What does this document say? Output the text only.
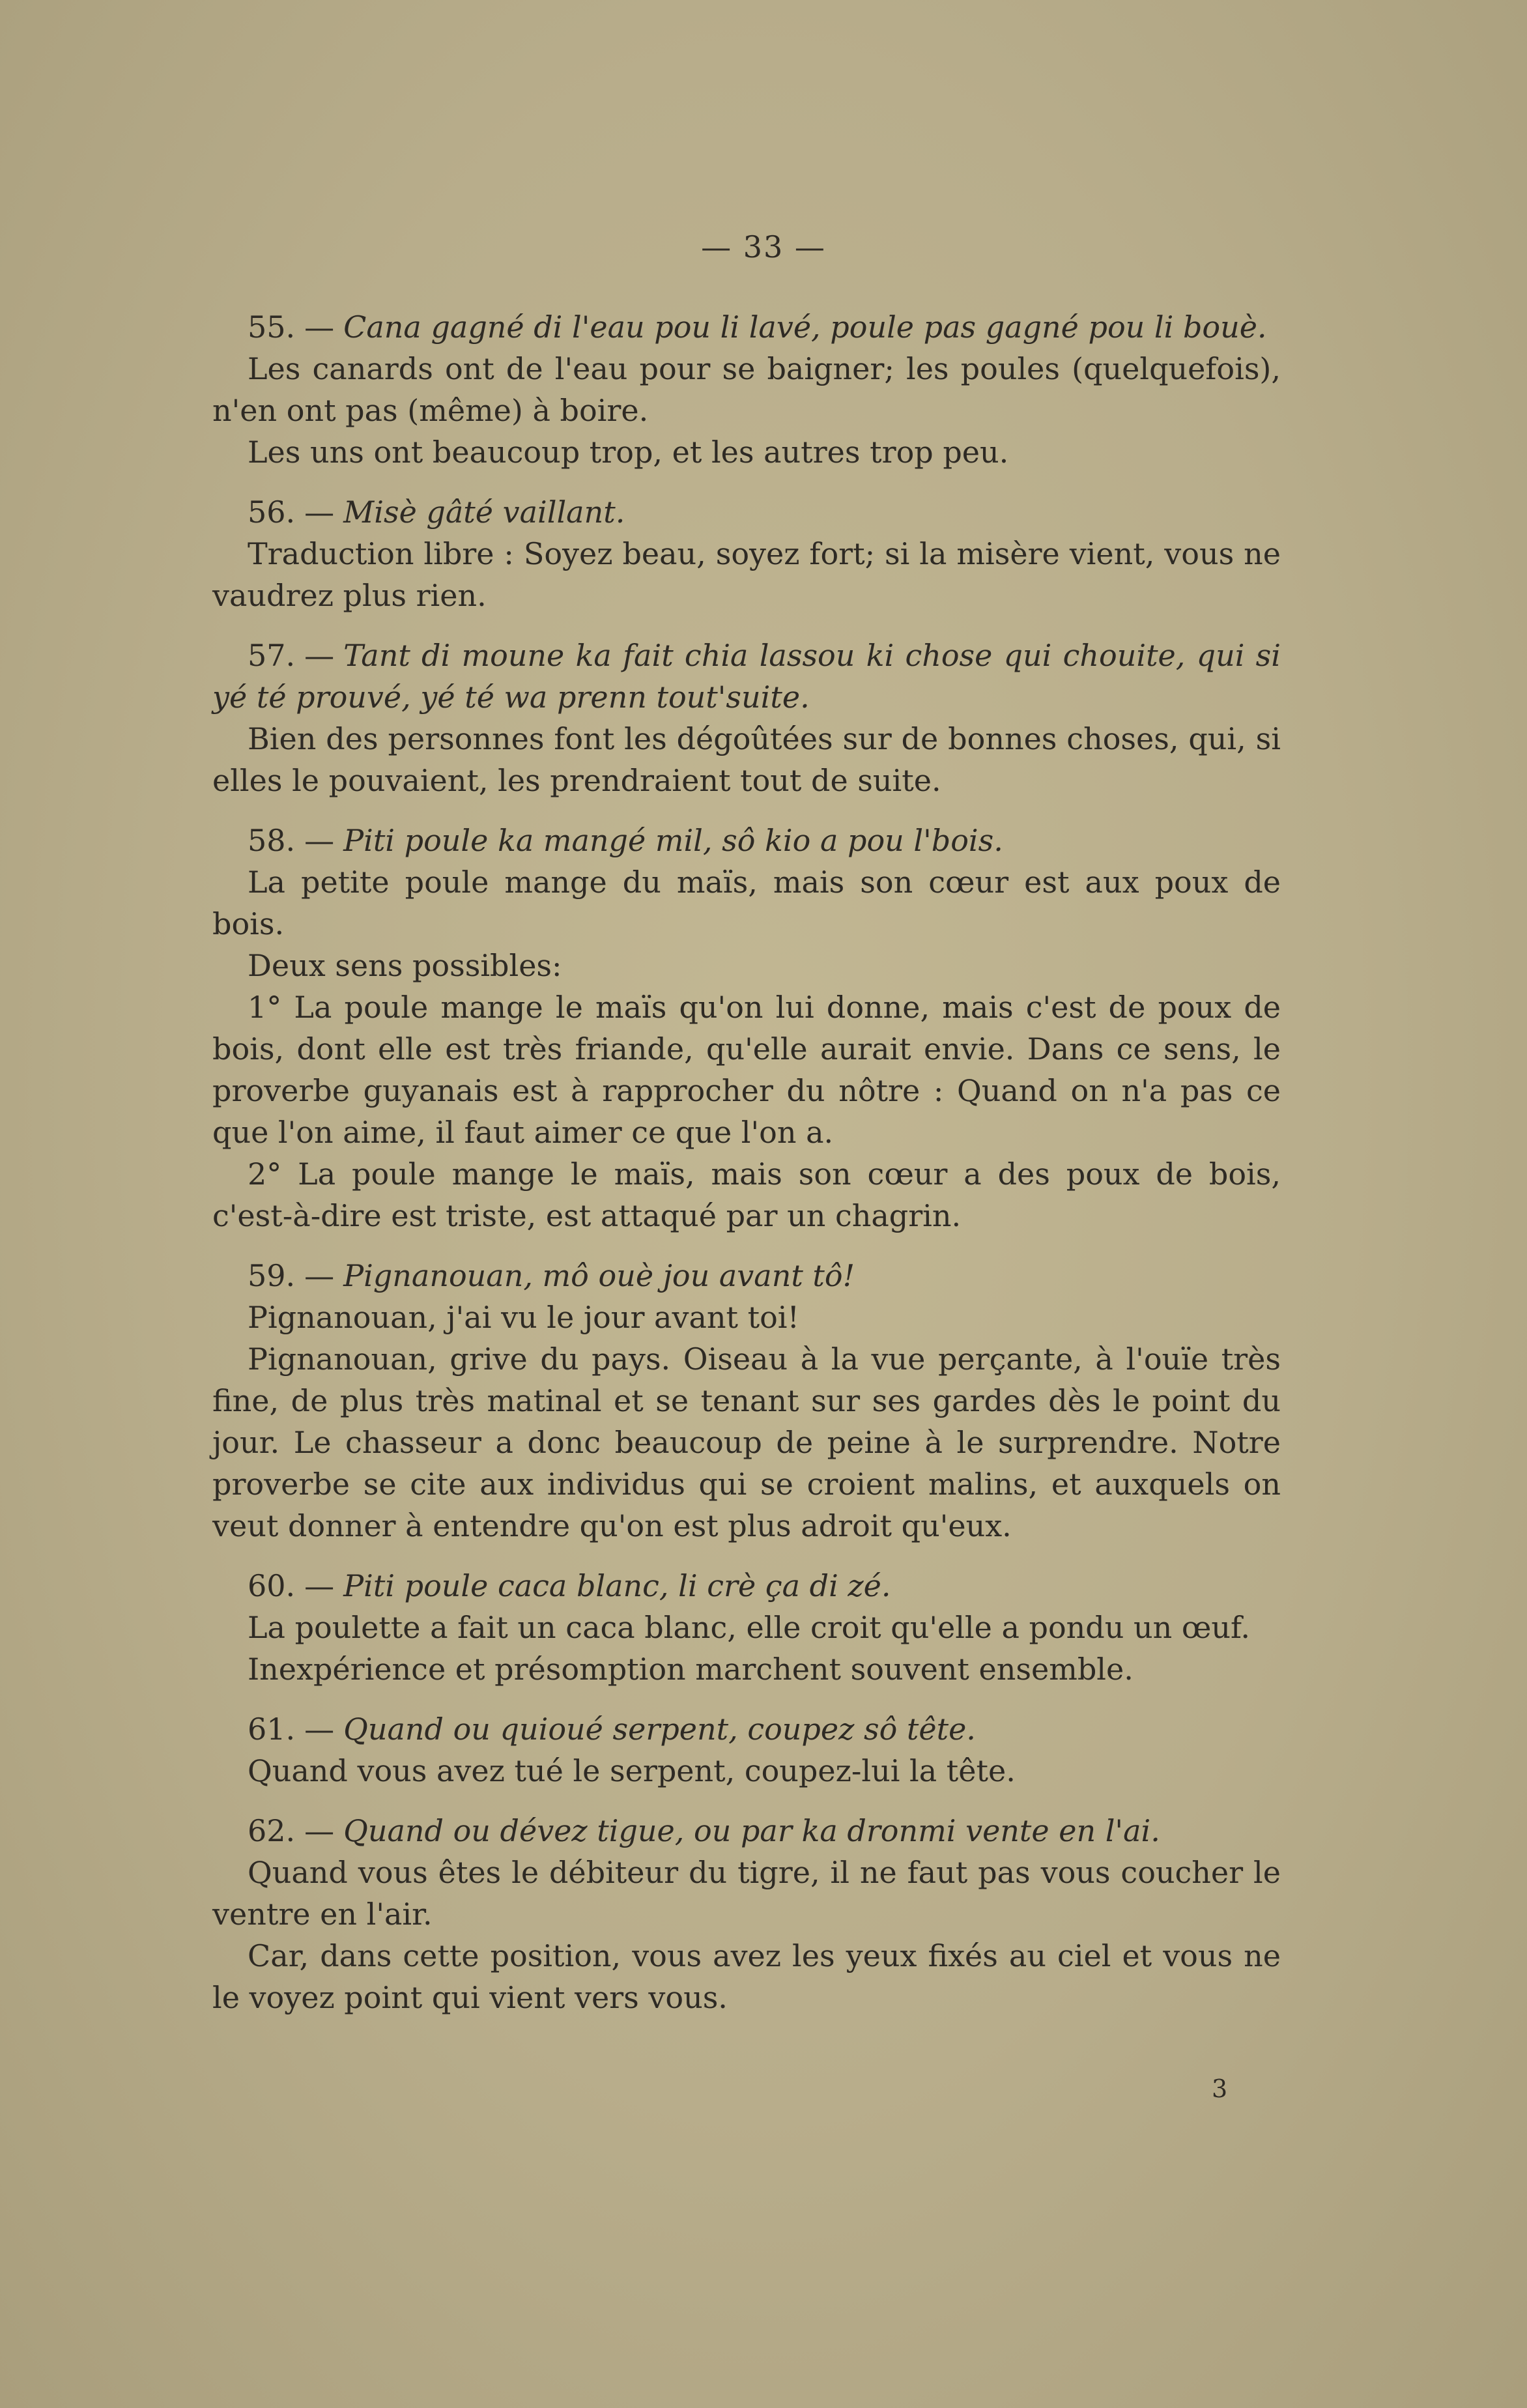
— 33 —

55. — Cana gagné di l'eau pou li lavé, poule pas gagné pou li bouè.

Les canards ont de l'eau pour se baigner; les poules (quelquefois), n'en ont pas (même) à boire.

Les uns ont beaucoup trop, et les autres trop peu.

56. — Misè gâté vaillant.

Traduction libre : Soyez beau, soyez fort; si la misère vient, vous ne vaudrez plus rien.

57. — Tant di moune ka fait chia lassou ki chose qui chouite, qui si yé té prouvé, yé té wa prenn tout'suite.

Bien des personnes font les dégoûtées sur de bonnes choses, qui, si elles le pouvaient, les prendraient tout de suite.

58. — Piti poule ka mangé mil, sô kio a pou l'bois.

La petite poule mange du maïs, mais son cœur est aux poux de bois.

Deux sens possibles:

1° La poule mange le maïs qu'on lui donne, mais c'est de poux de bois, dont elle est très friande, qu'elle aurait envie. Dans ce sens, le proverbe guyanais est à rapprocher du nôtre : Quand on n'a pas ce que l'on aime, il faut aimer ce que l'on a.

2° La poule mange le maïs, mais son cœur a des poux de bois, c'est-à-dire est triste, est attaqué par un chagrin.

59. — Pignanouan, mô ouè jou avant tô!

Pignanouan, j'ai vu le jour avant toi!

Pignanouan, grive du pays. Oiseau à la vue perçante, à l'ouïe très fine, de plus très matinal et se tenant sur ses gardes dès le point du jour. Le chasseur a donc beaucoup de peine à le surprendre. Notre proverbe se cite aux individus qui se croient malins, et auxquels on veut donner à entendre qu'on est plus adroit qu'eux.

60. — Piti poule caca blanc, li crè ça di zé.

La poulette a fait un caca blanc, elle croit qu'elle a pondu un œuf.

Inexpérience et présomption marchent souvent ensemble.

61. — Quand ou quioué serpent, coupez sô tête.

Quand vous avez tué le serpent, coupez-lui la tête.

62. — Quand ou dévez tigue, ou par ka dronmi vente en l'ai.

Quand vous êtes le débiteur du tigre, il ne faut pas vous coucher le ventre en l'air.

Car, dans cette position, vous avez les yeux fixés au ciel et vous ne le voyez point qui vient vers vous.

3
